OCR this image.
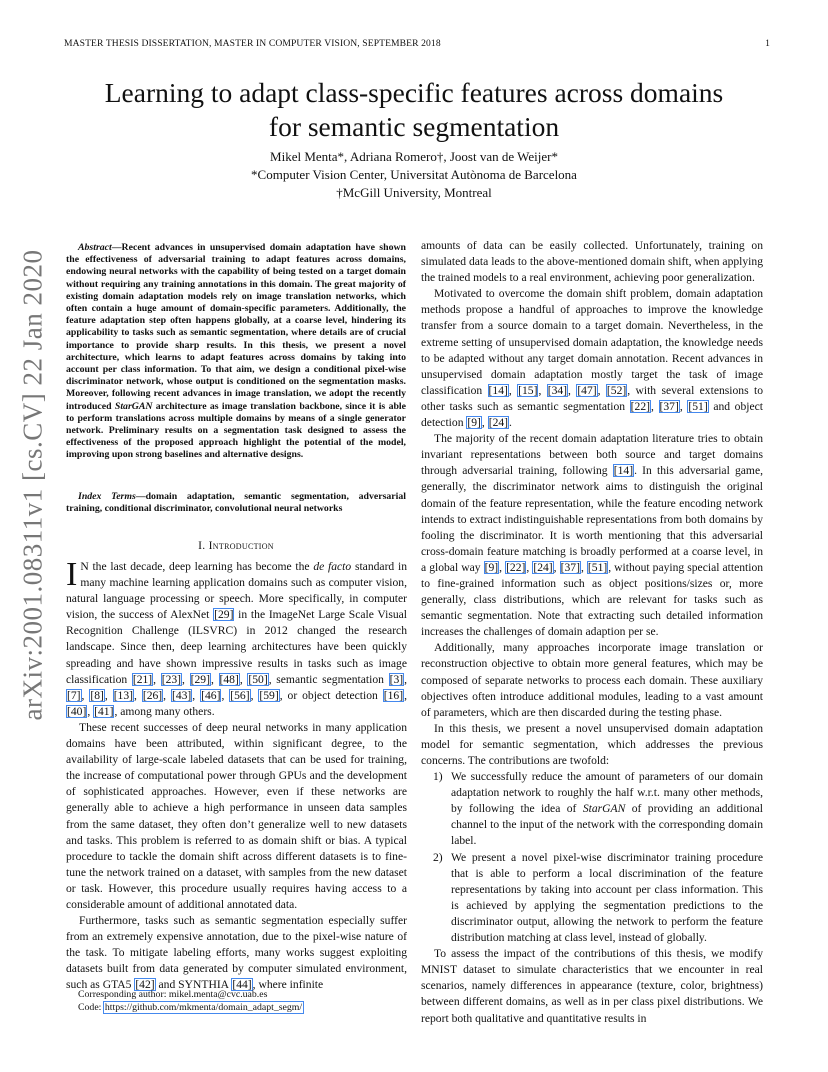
MASTER THESIS DISSERTATION, MASTER IN COMPUTER VISION, SEPTEMBER 2018	1
Learning to adapt class-specific features across domains
for semantic segmentation
Mikel Menta*, Adriana Romero†, Joost van de Weijer*
*Computer Vision Center, Universitat Autònoma de Barcelona
†McGill University, Montreal
arXiv:2001.08311v1 [cs.CV] 22 Jan 2020
Abstract—Recent advances in unsupervised domain adaptation have shown the effectiveness of adversarial training to adapt features across domains, endowing neural networks with the capability of being tested on a target domain without requiring any training annotations in this domain. The great majority of existing domain adaptation models rely on image translation networks, which often contain a huge amount of domain-specific parameters. Additionally, the feature adaptation step often happens globally, at a coarse level, hindering its applicability to tasks such as semantic segmentation, where details are of crucial importance to provide sharp results. In this thesis, we present a novel architecture, which learns to adapt features across domains by taking into account per class information. To that aim, we design a conditional pixel-wise discriminator network, whose output is conditioned on the segmentation masks. Moreover, following recent advances in image translation, we adopt the recently introduced StarGAN architecture as image translation backbone, since it is able to perform translations across multiple domains by means of a single generator network. Preliminary results on a segmentation task designed to assess the effectiveness of the proposed approach highlight the potential of the model, improving upon strong baselines and alternative designs.
Index Terms—domain adaptation, semantic segmentation, adversarial training, conditional discriminator, convolutional neural networks
I. Introduction

I N the last decade, deep learning has become the de facto standard in many machine learning application domains such as computer vision, natural language processing or speech. More specifically, in computer vision, the success of AlexNet [29] in the ImageNet Large Scale Visual Recognition Challenge (ILSVRC) in 2012 changed the research landscape. Since then, deep learning architectures have been quickly spreading and have shown impressive results in tasks such as image classification [21], [23], [29], [48], [50], semantic segmentation [3], [7], [8], [13], [26], [43], [46], [56], [59], or object detection [16], [40], [41], among many others.

These recent successes of deep neural networks in many application domains have been attributed, within significant degree, to the availability of large-scale labeled datasets that can be used for training, the increase of computational power through GPUs and the development of sophisticated approaches. However, even if these networks are generally able to achieve a high performance in unseen data samples from the same dataset, they often don’t generalize well to new datasets and tasks. This problem is referred to as domain shift or bias. A typical procedure to tackle the domain shift across different datasets is to fine-tune the network trained on a dataset, with samples from the new dataset or task. However, this procedure usually requires having access to a considerable amount of additional annotated data.

Furthermore, tasks such as semantic segmentation especially suffer from an extremely expensive annotation, due to the pixel-wise nature of the task. To mitigate labeling efforts, many works suggest exploiting datasets built from data generated by computer simulated environment, such as GTA5 [42] and SYNTHIA [44], where infinite

Corresponding author: mikel.menta@cvc.uab.es
Code: https://github.com/mkmenta/domain_adapt_segm/

amounts of data can be easily collected. Unfortunately, training on simulated data leads to the above-mentioned domain shift, when applying the trained models to a real environment, achieving poor generalization.

Motivated to overcome the domain shift problem, domain adaptation methods propose a handful of approaches to improve the knowledge transfer from a source domain to a target domain. Nevertheless, in the extreme setting of unsupervised domain adaptation, the knowledge needs to be adapted without any target domain annotation. Recent advances in unsupervised domain adaptation mostly target the task of image classification [14], [15], [34], [47], [52], with several extensions to other tasks such as semantic segmentation [22], [37], [51] and object detection [9], [24].

The majority of the recent domain adaptation literature tries to obtain invariant representations between both source and target domains through adversarial training, following [14]. In this adversarial game, generally, the discriminator network aims to distinguish the original domain of the feature representation, while the feature encoding network intends to extract indistinguishable representations from both domains by fooling the discriminator. It is worth mentioning that this adversarial cross-domain feature matching is broadly performed at a coarse level, in a global way [9], [22], [24], [37], [51], without paying special attention to fine-grained information such as object positions/sizes or, more generally, class distributions, which are relevant for tasks such as semantic segmentation. Note that extracting such detailed information increases the challenges of domain adaption per se.

Additionally, many approaches incorporate image translation or reconstruction objective to obtain more general features, which may be composed of separate networks to process each domain. These auxiliary objectives often introduce additional modules, leading to a vast amount of parameters, which are then discarded during the testing phase.

In this thesis, we present a novel unsupervised domain adaptation model for semantic segmentation, which addresses the previous concerns. The contributions are twofold:

1) We successfully reduce the amount of parameters of our domain adaptation network to roughly the half w.r.t. many other methods, by following the idea of StarGAN of providing an additional channel to the input of the network with the corresponding domain label.
2) We present a novel pixel-wise discriminator training procedure that is able to perform a local discrimination of the feature representations by taking into account per class information. This is achieved by applying the segmentation predictions to the discriminator output, allowing the network to perform the feature distribution matching at class level, instead of globally.

To assess the impact of the contributions of this thesis, we modify MNIST dataset to simulate characteristics that we encounter in real scenarios, namely differences in appearance (texture, color, brightness) between different domains, as well as in per class pixel distributions. We report both qualitative and quantitative results in
